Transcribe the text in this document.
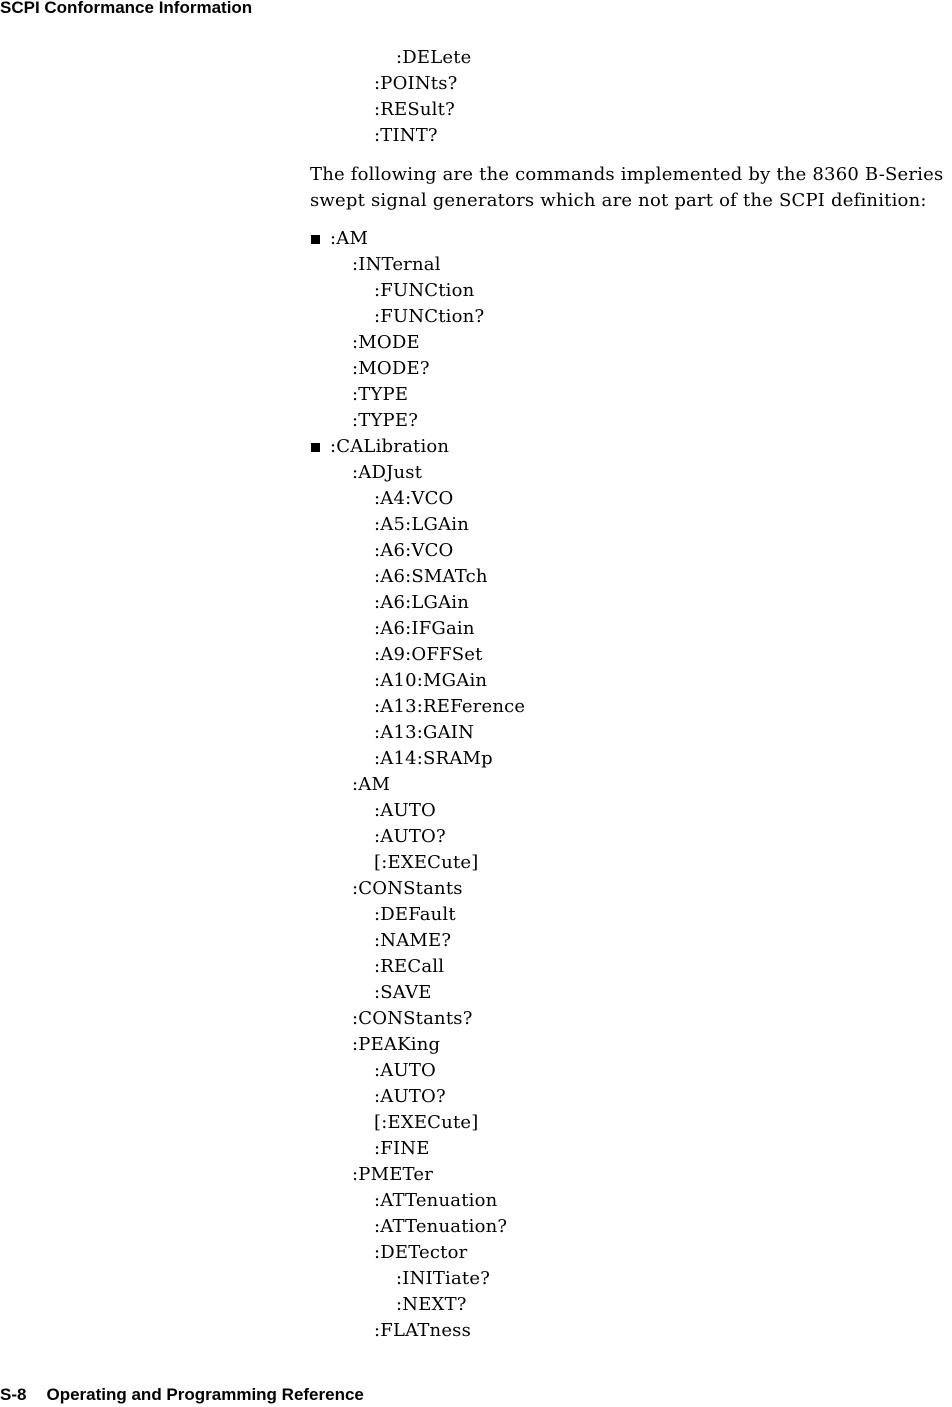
SCPI Conformance Information
:DELete
:POINts?
:RESult?
:TINT?
The following are the commands implemented by the 8360 B-Series
swept signal generators which are not part of the SCPI definition:
:AM
:INTernal
:FUNCtion
:FUNCtion?
:MODE
:MODE?
:TYPE
:TYPE?
:CALibration
:ADJust
:A4:VCO
:A5:LGAin
:A6:VCO
:A6:SMATch
:A6:LGAin
:A6:IFGain
:A9:OFFSet
:A10:MGAin
:A13:REFerence
:A13:GAIN
:A14:SRAMp
:AM
:AUTO
:AUTO?
[:EXECute]
:CONStants
:DEFault
:NAME?
:RECall
:SAVE
:CONStants?
:PEAKing
:AUTO
:AUTO?
[:EXECute]
:FINE
:PMETer
:ATTenuation
:ATTenuation?
:DETector
:INITiate?
:NEXT?
:FLATness
S-8 Operating and Programming Reference
